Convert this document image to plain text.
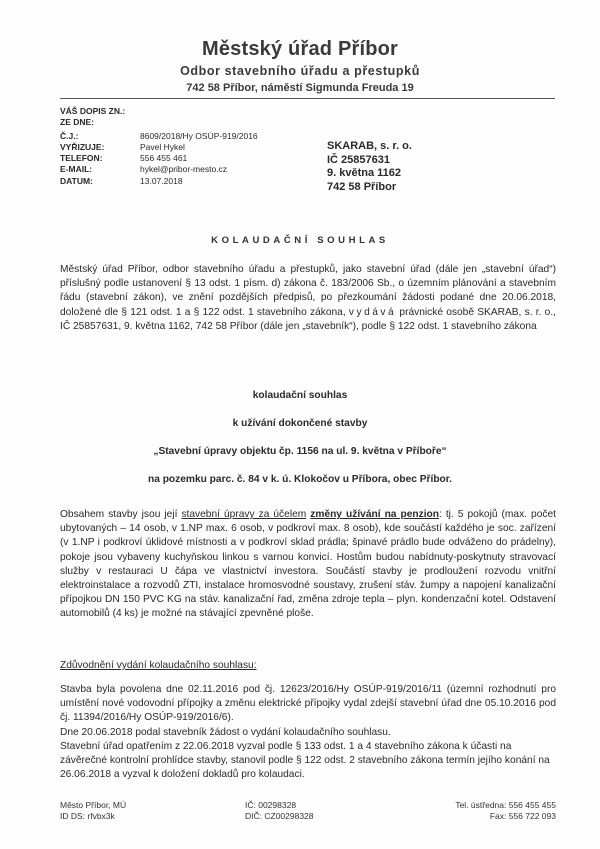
Městský úřad Příbor
Odbor stavebního úřadu a přestupků
742 58 Příbor, náměstí Sigmunda Freuda 19
VÁŠ DOPIS ZN.:
ZE DNE:
Č.J.:	8609/2018/Hy OSÚP-919/2016
VYŘIZUJE:	Pavel Hykel
TELEFON:	556 455 461
E-MAIL:	hykel@pribor-mesto.cz
DATUM:	13.07.2018
SKARAB, s. r. o.
IČ 25857631
9. května 1162
742 58 Příbor
KOLAUDAČNÍ SOUHLAS
Městský úřad Příbor, odbor stavebního úřadu a přestupků, jako stavební úřad (dále jen „stavební úřad“) příslušný podle ustanovení § 13 odst. 1 písm. d) zákona č. 183/2006 Sb., o územním plánování a stavebním řádu (stavební zákon), ve znění pozdějších předpisů, po přezkoumání žádosti podané dne 20.06.2018, doložené dle § 121 odst. 1 a § 122 odst. 1 stavebního zákona, vydává právnické osobě SKARAB, s. r. o., IČ 25857631, 9. května 1162, 742 58 Příbor (dále jen „stavebník“), podle § 122 odst. 1 stavebního zákona
kolaudační souhlas
k užívání dokončené stavby
„Stavební úpravy objektu čp. 1156 na ul. 9. května v Příboře“
na pozemku parc. č. 84 v k. ú. Klokočov u Příbora, obec Příbor.
Obsahem stavby jsou její stavební úpravy za účelem změny užívání na penzion: tj. 5 pokojů (max. počet ubytovaných – 14 osob, v 1.NP max. 6 osob, v podkroví max. 8 osob), kde součástí každého je soc. zařízení (v 1.NP i podkroví úklidové místnosti a v podkroví sklad prádla; špinavé prádlo bude odváženo do prádelny), pokoje jsou vybaveny kuchyňskou linkou s varnou konvicí. Hostům budou nabídnuty-poskytnuty stravovací služby v restauraci U čápa ve vlastnictví investora. Součástí stavby je prodloužení rozvodu vnitřní elektroinstalace a rozvodů ZTI, instalace hromosvodné soustavy, zrušení stáv. žumpy a napojení kanalizační přípojkou DN 150 PVC KG na stáv. kanalizační řad, změna zdroje tepla – plyn. kondenzační kotel. Odstavení automobilů (4 ks) je možné na stávající zpevněné ploše.
Zdůvodnění vydání kolaudačního souhlasu:
Stavba byla povolena dne 02.11.2016 pod čj. 12623/2016/Hy OSÚP-919/2016/11 (územní rozhodnutí pro umístění nové vodovodní přípojky a změnu elektrické přípojky vydal zdejší stavební úřad dne 05.10.2016 pod čj. 11394/2016/Hy OSÚP-919/2016/6).
Dne 20.06.2018 podal stavebník žádost o vydání kolaudačního souhlasu.
Stavební úřad opatřením z 22.06.2018 vyzval podle § 133 odst. 1 a 4 stavebního zákona k účasti na závěrečné kontrolní prohlídce stavby, stanovil podle § 122 odst. 2 stavebního zákona termín jejího konání na 26.06.2018 a vyzval k doložení dokladů pro kolaudaci.
Město Příbor, MÚ
ID DS: rfvbx3k
IČ: 00298328
DIČ: CZ00298328
Tel. ústředna: 556 455 455
Fax: 556 722 093
